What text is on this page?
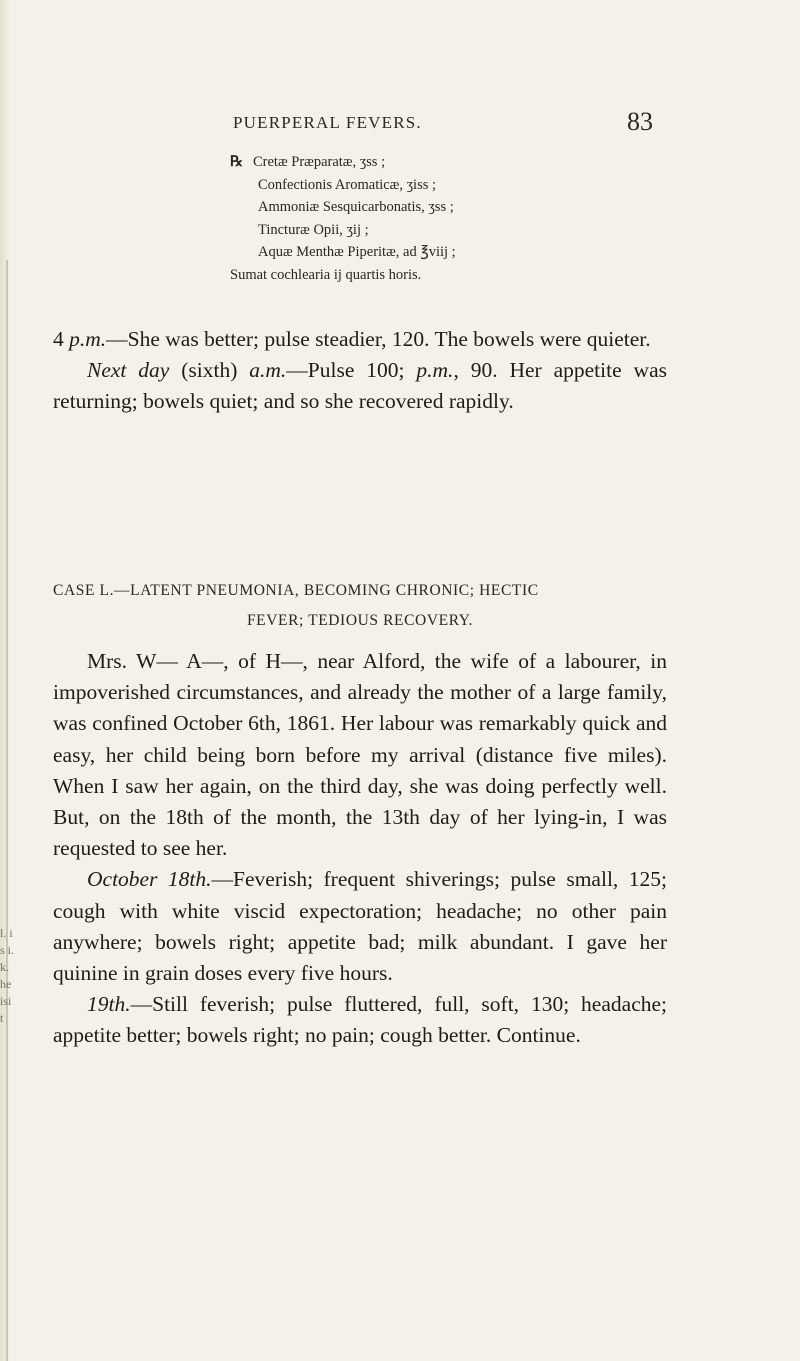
l. is i. k. he isit
PUERPERAL FEVERS.	83
℞ Cretæ Præparatæ, ʒss ;
Confectionis Aromaticæ, ʒiss ;
Ammoniæ Sesquicarbonatis, ʒss ;
Tincturæ Opii, ʒij ;
Aquæ Menthæ Piperitæ, ad ℥viij ;
Sumat cochlearia ij quartis horis.

4 p.m.—She was better; pulse steadier, 120. The bowels were quieter.

Next day (sixth) a.m.—Pulse 100; p.m., 90. Her appetite was returning; bowels quiet; and so she recovered rapidly.

CASE L.—LATENT PNEUMONIA, BECOMING CHRONIC; HECTIC
FEVER; TEDIOUS RECOVERY.

Mrs. W— A—, of H—, near Alford, the wife of a labourer, in impoverished circumstances, and already the mother of a large family, was confined October 6th, 1861. Her labour was remarkably quick and easy, her child being born before my arrival (distance five miles). When I saw her again, on the third day, she was doing perfectly well. But, on the 18th of the month, the 13th day of her lying-in, I was requested to see her.

October 18th.—Feverish; frequent shiverings; pulse small, 125; cough with white viscid expectoration; headache; no other pain anywhere; bowels right; appetite bad; milk abundant. I gave her quinine in grain doses every five hours.

19th.—Still feverish; pulse fluttered, full, soft, 130; headache; appetite better; bowels right; no pain; cough better. Continue.
